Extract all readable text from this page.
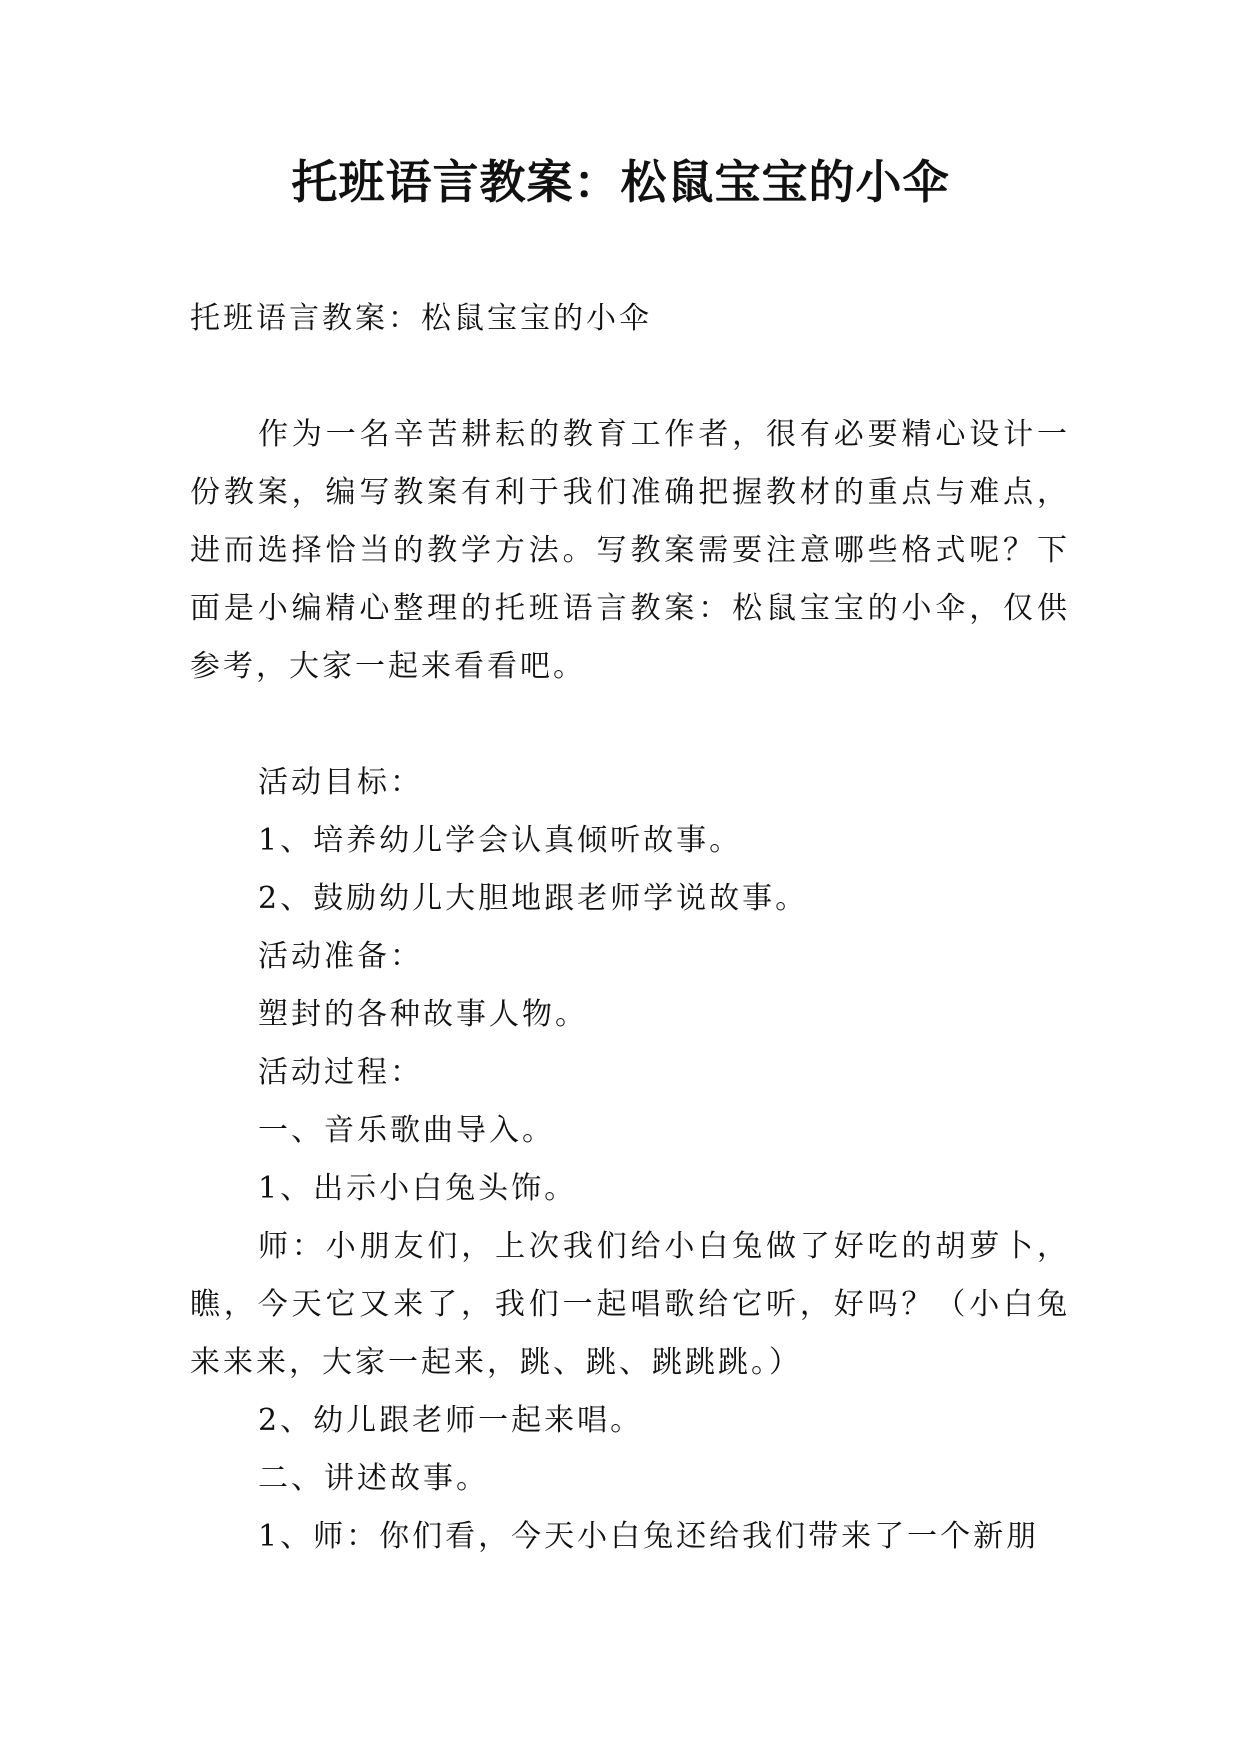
托班语言教案：松鼠宝宝的小伞

托班语言教案：松鼠宝宝的小伞

作为一名辛苦耕耘的教育工作者，很有必要精心设计一份教案，编写教案有利于我们准确把握教材的重点与难点，进而选择恰当的教学方法。写教案需要注意哪些格式呢？下面是小编精心整理的托班语言教案：松鼠宝宝的小伞，仅供参考，大家一起来看看吧。

活动目标：

1、培养幼儿学会认真倾听故事。

2、鼓励幼儿大胆地跟老师学说故事。

活动准备：

塑封的各种故事人物。

活动过程：

一、音乐歌曲导入。

1、出示小白兔头饰。

师：小朋友们，上次我们给小白兔做了好吃的胡萝卜，瞧，今天它又来了，我们一起唱歌给它听，好吗？（小白兔来来来，大家一起来，跳、跳、跳跳跳。）

2、幼儿跟老师一起来唱。

二、讲述故事。

1、师：你们看，今天小白兔还给我们带来了一个新朋
